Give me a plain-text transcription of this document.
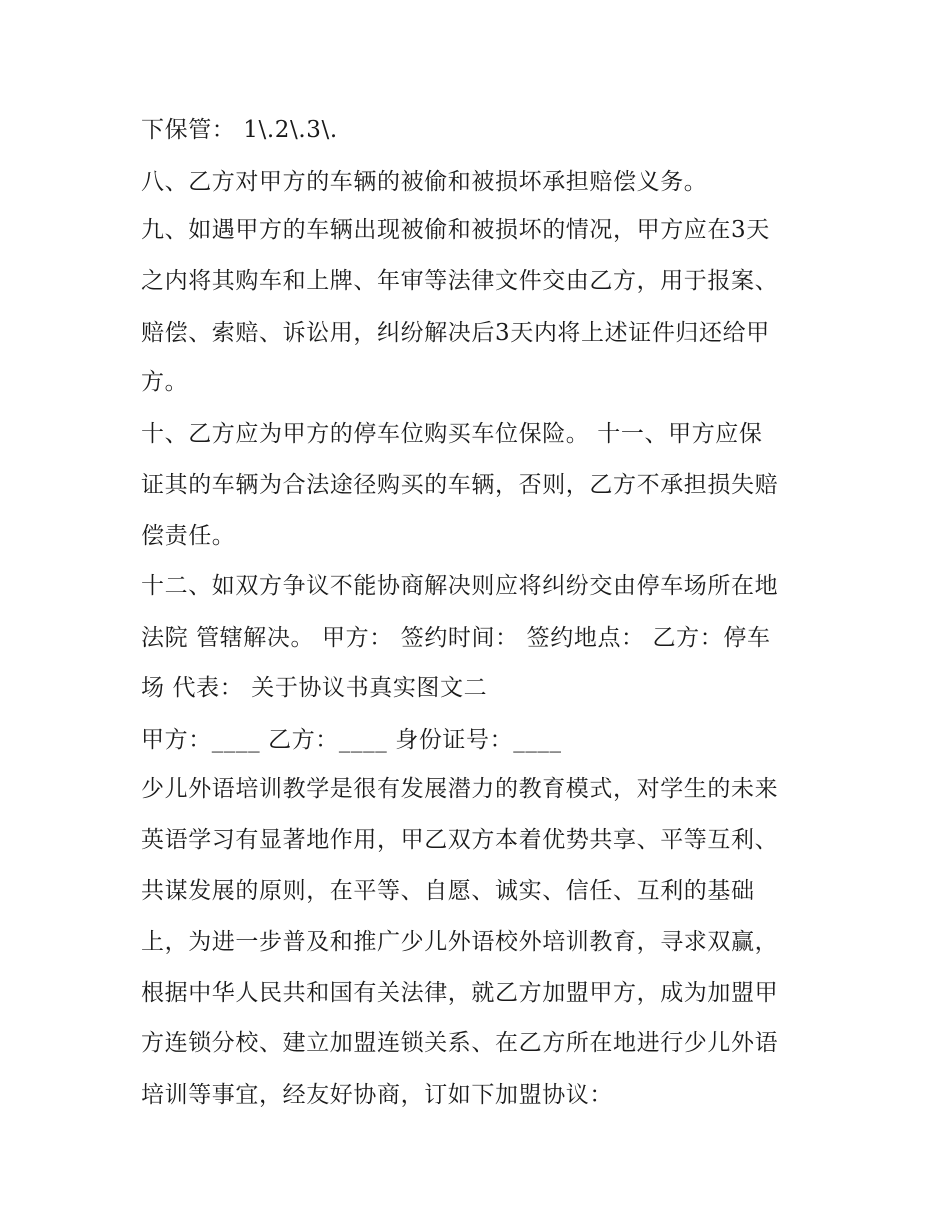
下保管： 1\.2\.3\.
八、乙方对甲方的车辆的被偷和被损坏承担赔偿义务。
九、如遇甲方的车辆出现被偷和被损坏的情况，甲方应在3天
之内将其购车和上牌、年审等法律文件交由乙方，用于报案、
赔偿、索赔、诉讼用，纠纷解决后3天内将上述证件归还给甲
方。
十、乙方应为甲方的停车位购买车位保险。 十一、甲方应保
证其的车辆为合法途径购买的车辆，否则，乙方不承担损失赔
偿责任。
十二、如双方争议不能协商解决则应将纠纷交由停车场所在地
法院 管辖解决。 甲方： 签约时间： 签约地点： 乙方：停车
场 代表： 关于协议书真实图文二
甲方：____ 乙方：____ 身份证号：____
少儿外语培训教学是很有发展潜力的教育模式，对学生的未来
英语学习有显著地作用，甲乙双方本着优势共享、平等互利、
共谋发展的原则，在平等、自愿、诚实、信任、互利的基础
上，为进一步普及和推广少儿外语校外培训教育，寻求双赢，
根据中华人民共和国有关法律，就乙方加盟甲方，成为加盟甲
方连锁分校、建立加盟连锁关系、在乙方所在地进行少儿外语
培训等事宜，经友好协商，订如下加盟协议：
